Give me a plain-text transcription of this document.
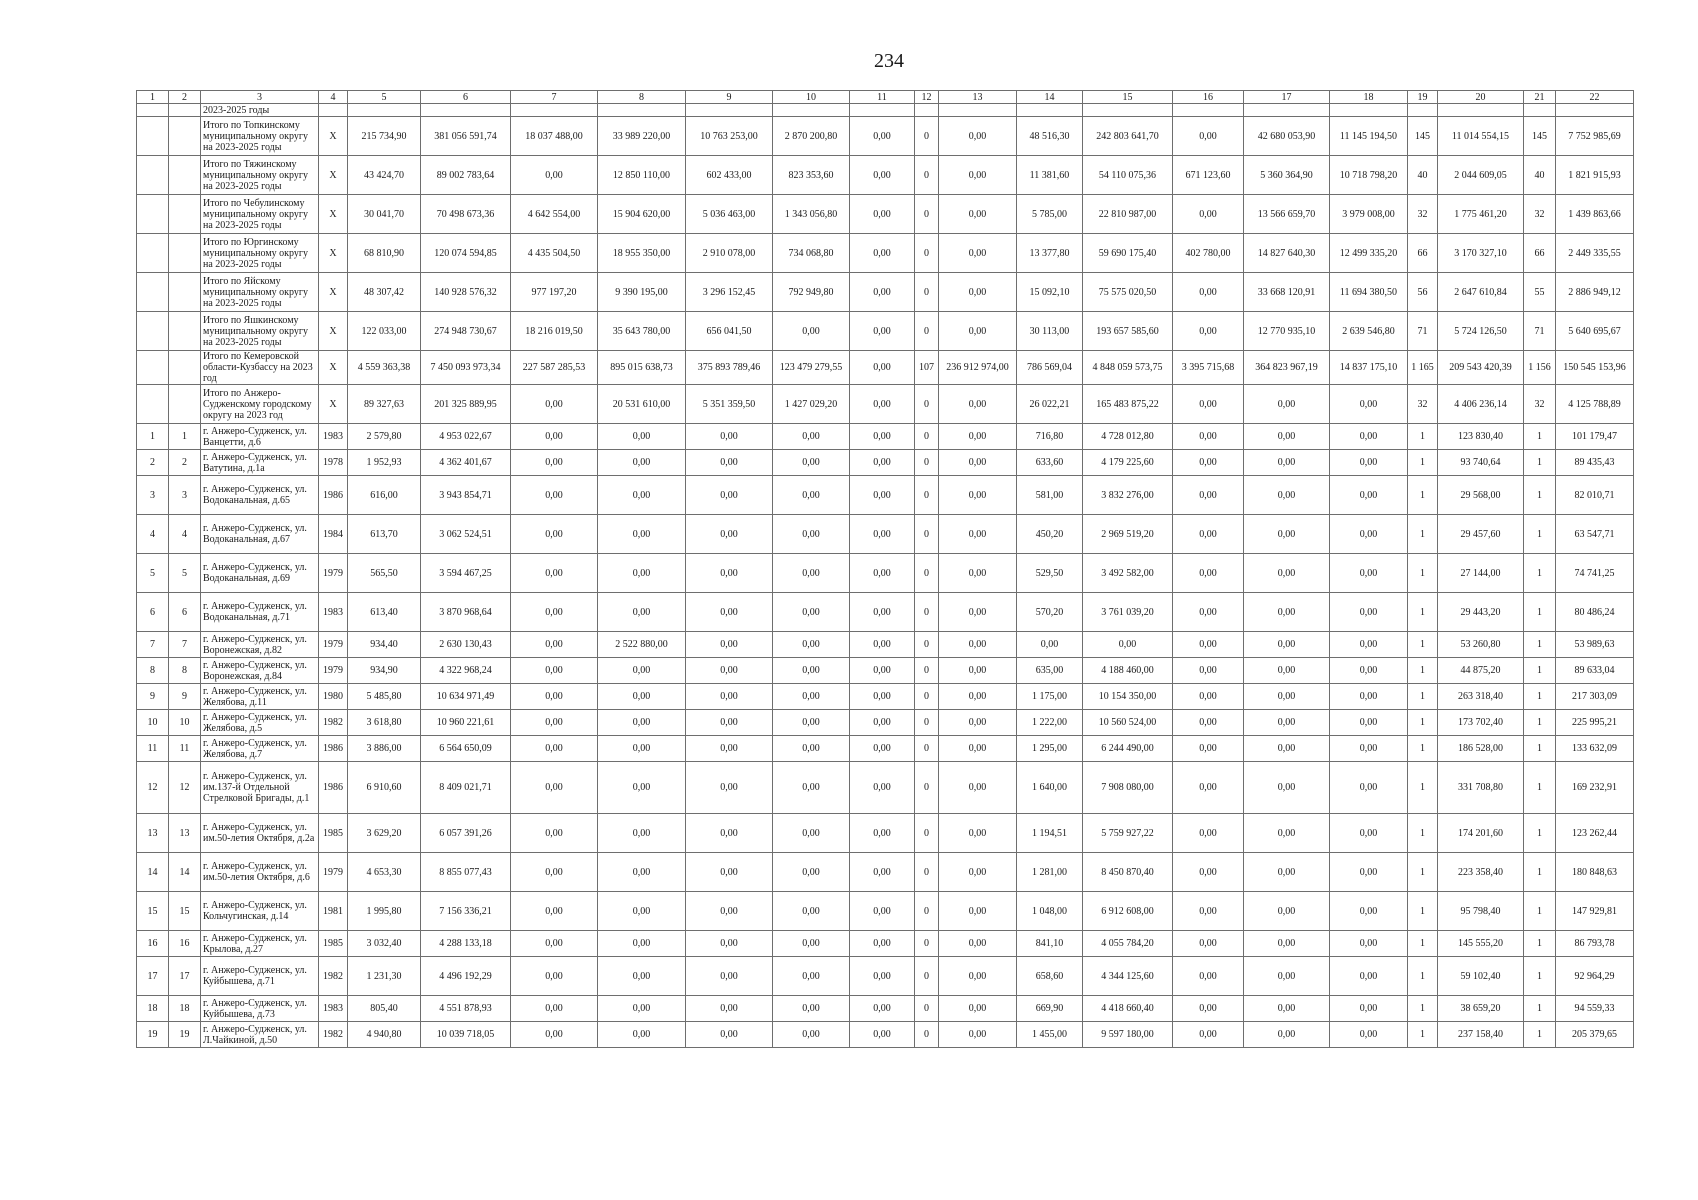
234
1	2	3	4	5	6	7	8	9	10	11	12	13	14	15	16	17	18	19	20	21	22
		2023-2025 годы																			
		Итого по Топкинскому муниципальному округу на 2023-2025 годы	X	215 734,90	381 056 591,74	18 037 488,00	33 989 220,00	10 763 253,00	2 870 200,80	0,00	0	0,00	48 516,30	242 803 641,70	0,00	42 680 053,90	11 145 194,50	145	11 014 554,15	145	7 752 985,69
		Итого по Тяжинскому муниципальному округу на 2023-2025 годы	X	43 424,70	89 002 783,64	0,00	12 850 110,00	602 433,00	823 353,60	0,00	0	0,00	11 381,60	54 110 075,36	671 123,60	5 360 364,90	10 718 798,20	40	2 044 609,05	40	1 821 915,93
		Итого по Чебулинскому муниципальному округу на 2023-2025 годы	X	30 041,70	70 498 673,36	4 642 554,00	15 904 620,00	5 036 463,00	1 343 056,80	0,00	0	0,00	5 785,00	22 810 987,00	0,00	13 566 659,70	3 979 008,00	32	1 775 461,20	32	1 439 863,66
		Итого по Юргинскому муниципальному округу на 2023-2025 годы	X	68 810,90	120 074 594,85	4 435 504,50	18 955 350,00	2 910 078,00	734 068,80	0,00	0	0,00	13 377,80	59 690 175,40	402 780,00	14 827 640,30	12 499 335,20	66	3 170 327,10	66	2 449 335,55
		Итого по Яйскому муниципальному округу на 2023-2025 годы	X	48 307,42	140 928 576,32	977 197,20	9 390 195,00	3 296 152,45	792 949,80	0,00	0	0,00	15 092,10	75 575 020,50	0,00	33 668 120,91	11 694 380,50	56	2 647 610,84	55	2 886 949,12
		Итого по Яшкинскому муниципальному округу на 2023-2025 годы	X	122 033,00	274 948 730,67	18 216 019,50	35 643 780,00	656 041,50	0,00	0,00	0	0,00	30 113,00	193 657 585,60	0,00	12 770 935,10	2 639 546,80	71	5 724 126,50	71	5 640 695,67
		Итого по Кемеровской области-Кузбассу на 2023 год	X	4 559 363,38	7 450 093 973,34	227 587 285,53	895 015 638,73	375 893 789,46	123 479 279,55	0,00	107	236 912 974,00	786 569,04	4 848 059 573,75	3 395 715,68	364 823 967,19	14 837 175,10	1 165	209 543 420,39	1 156	150 545 153,96
		Итого по Анжеро-Судженскому городскому округу на 2023 год	X	89 327,63	201 325 889,95	0,00	20 531 610,00	5 351 359,50	1 427 029,20	0,00	0	0,00	26 022,21	165 483 875,22	0,00	0,00	0,00	32	4 406 236,14	32	4 125 788,89
1	1	г. Анжеро-Судженск, ул. Ванцетти, д.6	1983	2 579,80	4 953 022,67	0,00	0,00	0,00	0,00	0,00	0	0,00	716,80	4 728 012,80	0,00	0,00	0,00	1	123 830,40	1	101 179,47
2	2	г. Анжеро-Судженск, ул. Ватутина, д.1а	1978	1 952,93	4 362 401,67	0,00	0,00	0,00	0,00	0,00	0	0,00	633,60	4 179 225,60	0,00	0,00	0,00	1	93 740,64	1	89 435,43
3	3	г. Анжеро-Судженск, ул. Водоканальная, д.65	1986	616,00	3 943 854,71	0,00	0,00	0,00	0,00	0,00	0	0,00	581,00	3 832 276,00	0,00	0,00	0,00	1	29 568,00	1	82 010,71
4	4	г. Анжеро-Судженск, ул. Водоканальная, д.67	1984	613,70	3 062 524,51	0,00	0,00	0,00	0,00	0,00	0	0,00	450,20	2 969 519,20	0,00	0,00	0,00	1	29 457,60	1	63 547,71
5	5	г. Анжеро-Судженск, ул. Водоканальная, д.69	1979	565,50	3 594 467,25	0,00	0,00	0,00	0,00	0,00	0	0,00	529,50	3 492 582,00	0,00	0,00	0,00	1	27 144,00	1	74 741,25
6	6	г. Анжеро-Судженск, ул. Водоканальная, д.71	1983	613,40	3 870 968,64	0,00	0,00	0,00	0,00	0,00	0	0,00	570,20	3 761 039,20	0,00	0,00	0,00	1	29 443,20	1	80 486,24
7	7	г. Анжеро-Судженск, ул. Воронежская, д.82	1979	934,40	2 630 130,43	0,00	2 522 880,00	0,00	0,00	0,00	0	0,00	0,00	0,00	0,00	0,00	0,00	1	53 260,80	1	53 989,63
8	8	г. Анжеро-Судженск, ул. Воронежская, д.84	1979	934,90	4 322 968,24	0,00	0,00	0,00	0,00	0,00	0	0,00	635,00	4 188 460,00	0,00	0,00	0,00	1	44 875,20	1	89 633,04
9	9	г. Анжеро-Судженск, ул. Желябова, д.11	1980	5 485,80	10 634 971,49	0,00	0,00	0,00	0,00	0,00	0	0,00	1 175,00	10 154 350,00	0,00	0,00	0,00	1	263 318,40	1	217 303,09
10	10	г. Анжеро-Судженск, ул. Желябова, д.5	1982	3 618,80	10 960 221,61	0,00	0,00	0,00	0,00	0,00	0	0,00	1 222,00	10 560 524,00	0,00	0,00	0,00	1	173 702,40	1	225 995,21
11	11	г. Анжеро-Судженск, ул. Желябова, д.7	1986	3 886,00	6 564 650,09	0,00	0,00	0,00	0,00	0,00	0	0,00	1 295,00	6 244 490,00	0,00	0,00	0,00	1	186 528,00	1	133 632,09
12	12	г. Анжеро-Судженск, ул. им.137-й Отдельной Стрелковой Бригады, д.1	1986	6 910,60	8 409 021,71	0,00	0,00	0,00	0,00	0,00	0	0,00	1 640,00	7 908 080,00	0,00	0,00	0,00	1	331 708,80	1	169 232,91
13	13	г. Анжеро-Судженск, ул. им.50-летия Октября, д.2а	1985	3 629,20	6 057 391,26	0,00	0,00	0,00	0,00	0,00	0	0,00	1 194,51	5 759 927,22	0,00	0,00	0,00	1	174 201,60	1	123 262,44
14	14	г. Анжеро-Судженск, ул. им.50-летия Октября, д.6	1979	4 653,30	8 855 077,43	0,00	0,00	0,00	0,00	0,00	0	0,00	1 281,00	8 450 870,40	0,00	0,00	0,00	1	223 358,40	1	180 848,63
15	15	г. Анжеро-Судженск, ул. Кольчугинская, д.14	1981	1 995,80	7 156 336,21	0,00	0,00	0,00	0,00	0,00	0	0,00	1 048,00	6 912 608,00	0,00	0,00	0,00	1	95 798,40	1	147 929,81
16	16	г. Анжеро-Судженск, ул. Крылова, д.27	1985	3 032,40	4 288 133,18	0,00	0,00	0,00	0,00	0,00	0	0,00	841,10	4 055 784,20	0,00	0,00	0,00	1	145 555,20	1	86 793,78
17	17	г. Анжеро-Судженск, ул. Куйбышева, д.71	1982	1 231,30	4 496 192,29	0,00	0,00	0,00	0,00	0,00	0	0,00	658,60	4 344 125,60	0,00	0,00	0,00	1	59 102,40	1	92 964,29
18	18	г. Анжеро-Судженск, ул. Куйбышева, д.73	1983	805,40	4 551 878,93	0,00	0,00	0,00	0,00	0,00	0	0,00	669,90	4 418 660,40	0,00	0,00	0,00	1	38 659,20	1	94 559,33
19	19	г. Анжеро-Судженск, ул. Л.Чайкиной, д.50	1982	4 940,80	10 039 718,05	0,00	0,00	0,00	0,00	0,00	0	0,00	1 455,00	9 597 180,00	0,00	0,00	0,00	1	237 158,40	1	205 379,65
